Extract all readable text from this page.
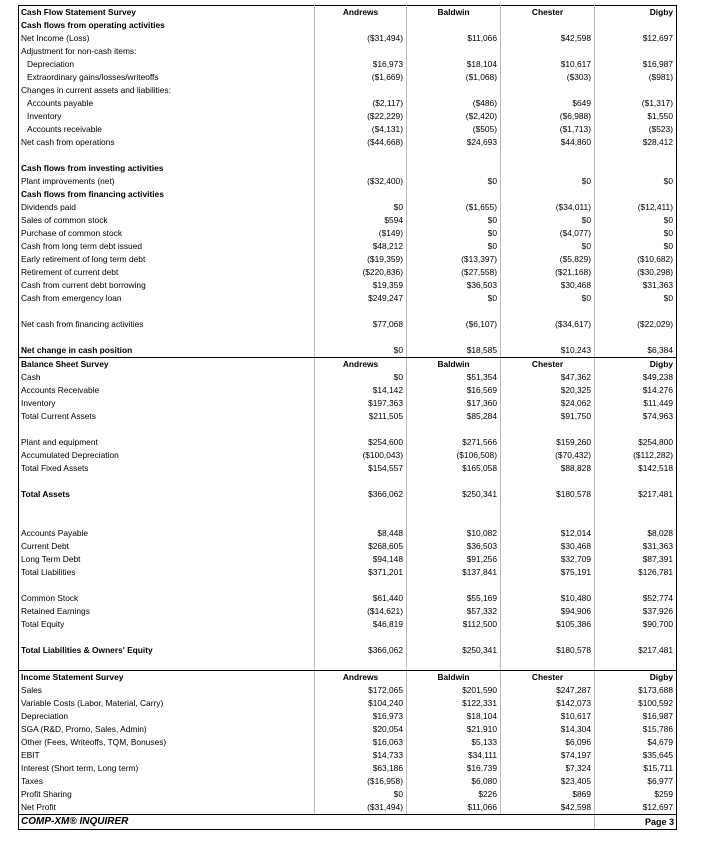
Cash Flow Statement Survey	Andrews	Baldwin	Chester	Digby
Cash flows from operating activities				
Net Income (Loss)	($31,494)	$11,066	$42,598	$12,697
Adjustment for non-cash items:				
Depreciation	$16,973	$18,104	$10,617	$16,987
Extraordinary gains/losses/writeoffs	($1,669)	($1,068)	($303)	($981)
Changes in current assets and liabilities:				
Accounts payable	($2,117)	($486)	$649	($1,317)
Inventory	($22,229)	($2,420)	($6,988)	$1,550
Accounts receivable	($4,131)	($505)	($1,713)	($523)
Net cash from operations	($44,668)	$24,693	$44,860	$28,412

Cash flows from investing activities				
Plant improvements (net)	($32,400)	$0	$0	$0
Cash flows from financing activities				
Dividends paid	$0	($1,655)	($34,011)	($12,411)
Sales of common stock	$594	$0	$0	$0
Purchase of common stock	($149)	$0	($4,077)	$0
Cash from long term debt issued	$48,212	$0	$0	$0
Early retirement of long term debt	($19,359)	($13,397)	($5,829)	($10,682)
Retirement of current debt	($220,836)	($27,558)	($21,168)	($30,298)
Cash from current debt borrowing	$19,359	$36,503	$30,468	$31,363
Cash from emergency loan	$249,247	$0	$0	$0

Net cash from financing activities	$77,068	($6,107)	($34,617)	($22,029)

Net change in cash position	$0	$18,585	$10,243	$6,384
Balance Sheet Survey	Andrews	Baldwin	Chester	Digby
Cash	$0	$51,354	$47,362	$49,238
Accounts Receivable	$14,142	$16,569	$20,325	$14,276
Inventory	$197,363	$17,360	$24,062	$11,449
Total Current Assets	$211,505	$85,284	$91,750	$74,963

Plant and equipment	$254,600	$271,566	$159,260	$254,800
Accumulated Depreciation	($100,043)	($106,508)	($70,432)	($112,282)
Total Fixed Assets	$154,557	$165,058	$88,828	$142,518

Total Assets	$366,062	$250,341	$180,578	$217,481

Accounts Payable	$8,448	$10,082	$12,014	$8,028
Current Debt	$268,605	$36,503	$30,468	$31,363
Long Term Debt	$94,148	$91,256	$32,709	$87,391
Total Liabilities	$371,201	$137,841	$75,191	$126,781

Common Stock	$61,440	$55,169	$10,480	$52,774
Retained Earnings	($14,621)	$57,332	$94,906	$37,926
Total Equity	$46,819	$112,500	$105,386	$90,700

Total Liabilities & Owners' Equity	$366,062	$250,341	$180,578	$217,481

Income Statement Survey	Andrews	Baldwin	Chester	Digby
Sales	$172,065	$201,590	$247,287	$173,688
Variable Costs (Labor, Material, Carry)	$104,240	$122,331	$142,073	$100,592
Depreciation	$16,973	$18,104	$10,617	$16,987
SGA (R&D, Promo, Sales, Admin)	$20,054	$21,910	$14,304	$15,786
Other (Fees, Writeoffs, TQM, Bonuses)	$16,063	$5,133	$6,096	$4,679
EBIT	$14,733	$34,111	$74,197	$35,645
Interest (Short term, Long term)	$63,186	$16,739	$7,324	$15,711
Taxes	($16,958)	$6,080	$23,405	$6,977
Profit Sharing	$0	$226	$869	$259
Net Profit	($31,494)	$11,066	$42,598	$12,697
COMP-XM® INQUIRER				Page 3
